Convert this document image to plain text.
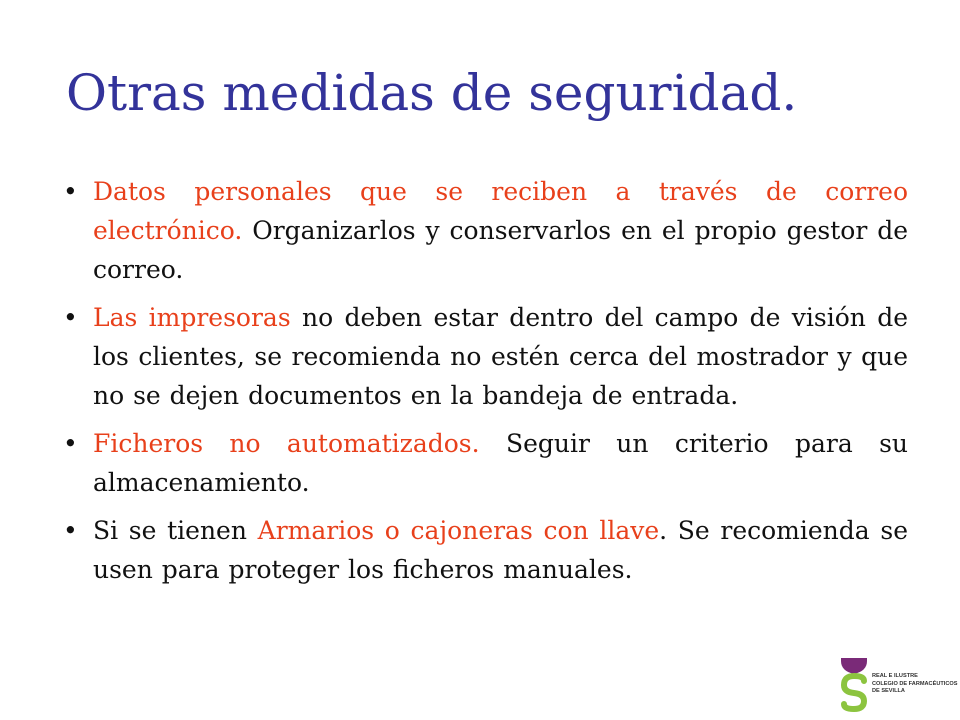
Otras medidas de seguridad.
• Datos personales que se reciben a través de correo electrónico. Organizarlos y conservarlos en el propio gestor de correo.
• Las impresoras no deben estar dentro del campo de visión de los clientes, se recomienda no estén cerca del mostrador y que no se dejen documentos en la bandeja de entrada.
• Ficheros no automatizados. Seguir un criterio para su almacenamiento.
• Si se tienen Armarios o cajoneras con llave. Se recomienda se usen para proteger los ficheros manuales.
REAL E ILUSTRE
COLEGIO DE FARMACÉUTICOS
DE SEVILLA
